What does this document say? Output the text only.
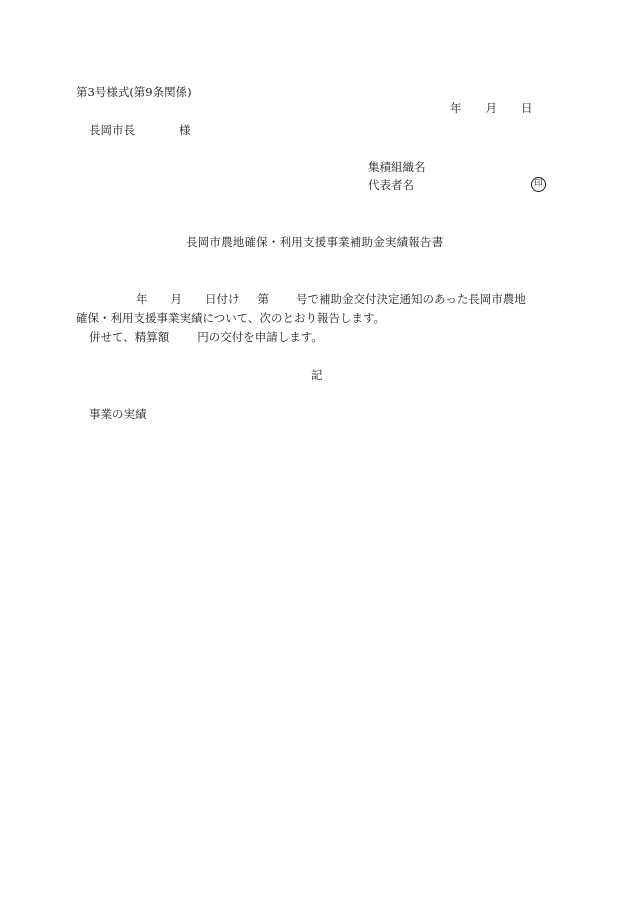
第3号様式(第9条関係)
年 月 日
長岡市長	様
集積組織名
代表者名	印
長岡市農地確保・利用支援事業補助金実績報告書
年 月 日付け 第 号で補助金交付決定通知のあった長岡市農地
確保・利用支援事業実績について、次のとおり報告します。
併せて、精算額 円の交付を申請します。
記
事業の実績
